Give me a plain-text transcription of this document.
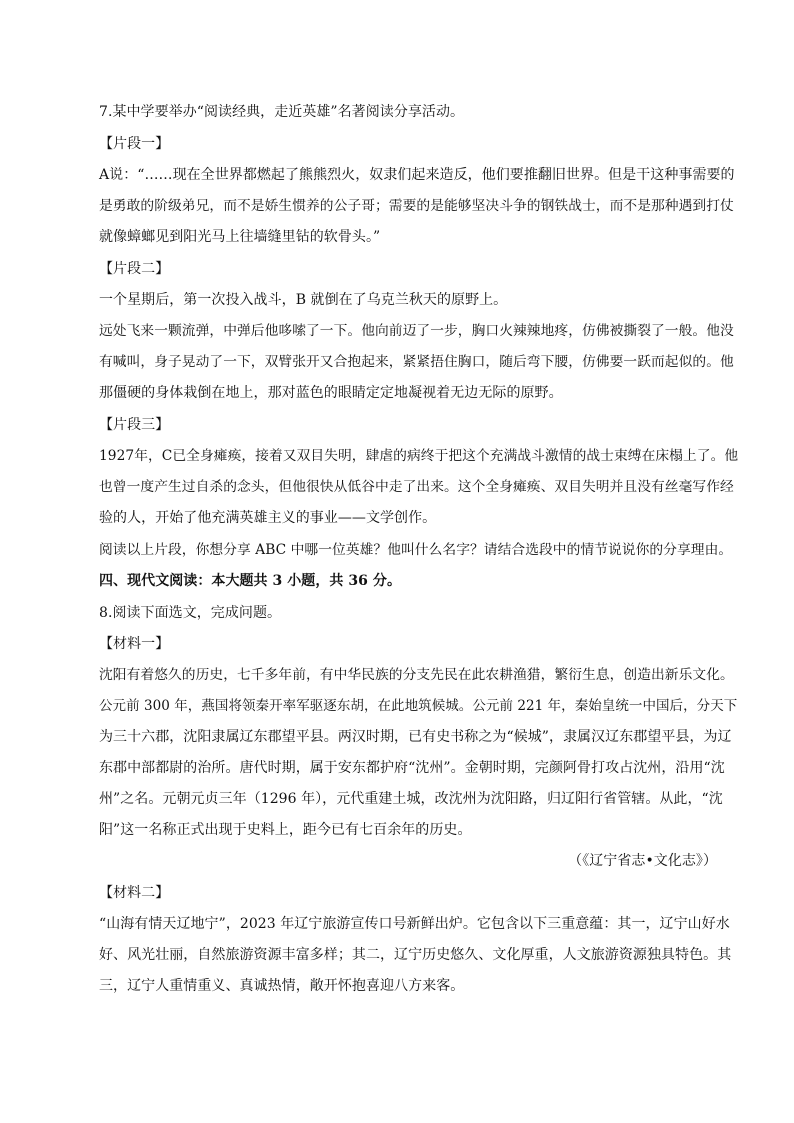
7.某中学要举办“阅读经典，走近英雄”名著阅读分享活动。
【片段一】
A说：“……现在全世界都燃起了熊熊烈火，奴隶们起来造反，他们要推翻旧世界。但是干这种事需要的
是勇敢的阶级弟兄，而不是娇生惯养的公子哥；需要的是能够坚决斗争的钢铁战士，而不是那种遇到打仗
就像蟑螂见到阳光马上往墙缝里钻的软骨头。”
【片段二】
一个星期后，第一次投入战斗，B 就倒在了乌克兰秋天的原野上。
远处飞来一颗流弹，中弹后他哆嗦了一下。他向前迈了一步，胸口火辣辣地疼，仿佛被撕裂了一般。他没
有喊叫，身子晃动了一下，双臂张开又合抱起来，紧紧捂住胸口，随后弯下腰，仿佛要一跃而起似的。他
那僵硬的身体栽倒在地上，那对蓝色的眼睛定定地凝视着无边无际的原野。
【片段三】
1927年，C已全身瘫痪，接着又双目失明，肆虐的病终于把这个充满战斗激情的战士束缚在床榻上了。他
也曾一度产生过自杀的念头，但他很快从低谷中走了出来。这个全身瘫痪、双目失明并且没有丝毫写作经
验的人，开始了他充满英雄主义的事业——文学创作。
阅读以上片段，你想分享 ABC 中哪一位英雄？他叫什么名字？请结合选段中的情节说说你的分享理由。
四、现代文阅读：本大题共 3 小题，共 36 分。
8.阅读下面选文，完成问题。
【材料一】
沈阳有着悠久的历史，七千多年前，有中华民族的分支先民在此农耕渔猎，繁衍生息，创造出新乐文化。
公元前 300 年，燕国将领秦开率军驱逐东胡，在此地筑候城。公元前 221 年，秦始皇统一中国后，分天下
为三十六郡，沈阳隶属辽东郡望平县。两汉时期，已有史书称之为“候城”，隶属汉辽东郡望平县，为辽
东郡中部都尉的治所。唐代时期，属于安东都护府“沈州”。金朝时期，完颜阿骨打攻占沈州，沿用“沈
州”之名。元朝元贞三年（1296 年），元代重建土城，改沈州为沈阳路，归辽阳行省管辖。从此，“沈
阳”这一名称正式出现于史料上，距今已有七百余年的历史。
（《辽宁省志•文化志》）
【材料二】
“山海有情天辽地宁”，2023 年辽宁旅游宣传口号新鲜出炉。它包含以下三重意蕴：其一，辽宁山好水
好、风光壮丽，自然旅游资源丰富多样；其二，辽宁历史悠久、文化厚重，人文旅游资源独具特色。其
三，辽宁人重情重义、真诚热情，敞开怀抱喜迎八方来客。
